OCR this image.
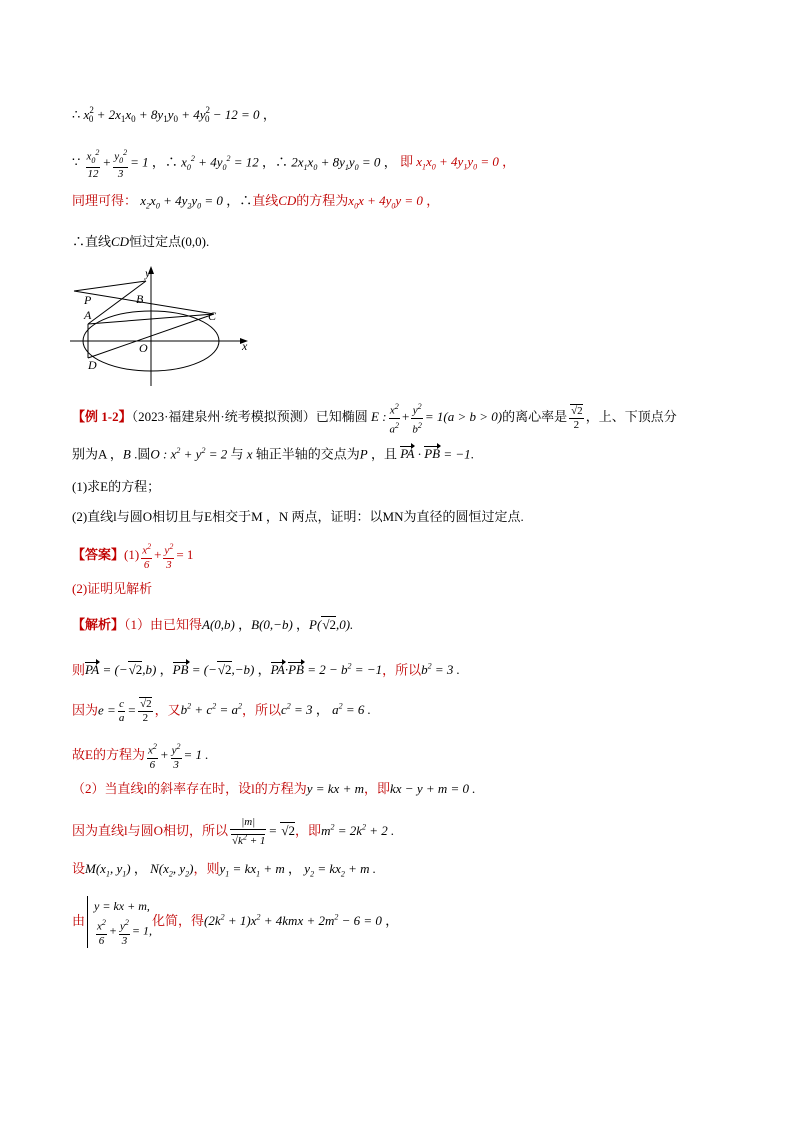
∴ $x^2_0 + 2x_1x_0 + 8y_1y_0 + 4y^2_0 - 12 = 0$ ，
∵ $\frac{x_0^2}{12} + \frac{y_0^2}{3} = 1$ ，∴ $x_0^2 + 4y_0^2 = 12$ ，∴ $2x_1x_0 + 8y_1y_0 = 0$ ， 即 $x_1x_0 + 4y_1y_0 = 0$ ，
同理可得： $x_2x_0 + 4y_2y_0 = 0$ ，∴直线CD的方程为$x_0x + 4y_0y = 0$ ，
∴直线CD恒过定点(0,0).
y
x
P	B
A	C
O
D
【例 1-2】（2023·福建泉州·统考模拟预测）已知椭圆 E : $\frac{x^2}{a^2} + \frac{y^2}{b^2} = 1(a > b > 0)$的离心率是 $\frac{√2}{2}$ ，上、下顶点分
别为A ，B .圆O : $x^2 + y^2 = 2$ 与 x 轴正半轴的交点为P ，且 PA · PB = −1.
(1)求E的方程；
(2)直线l与圆O相切且与E相交于M ，N 两点，证明：以MN为直径的圆恒过定点.
【答案】$(1) \frac{x^2}{6} + \frac{y^2}{3} = 1$
(2)证明见解析
【解析】（1）由已知得A(0,b) ，B(0,−b) ，P(√2,0).
则PA = (−√2,b) ，PB = (−√2,−b) ，$PA\cdot PB = 2 - b^2 = -1$，所以$b^2 = 3$ .
因为$e = \frac{c}{a} = \frac{√2}{2}$ ，又$b^2 + c^2 = a^2$，所以$c^2 = 3$ ， $a^2 = 6$ .
故E的方程为 $\frac{x^2}{6} + \frac{y^2}{3} = 1$ .
（2）当直线l的斜率存在时，设l的方程为y = kx + m，即kx − y + m = 0 .
因为直线l与圆O相切，所以 $\frac{|m|}{√k^2 + 1} = √2$，即$m^2 = 2k^2 + 2$ .
设$M(x_1$, $y_1$) ， $N(x_2$, $y_2$)，则$y_1 = kx_1 + m$ ， $y_2 = kx_2 + m$ .
由
y = kx + m,
$\frac{x^2}{6} + \frac{y^2}{3} = 1$,
化简，得$(2k^2 + 1)x^2 + 4kmx + 2m^2 - 6 = 0$ ，
